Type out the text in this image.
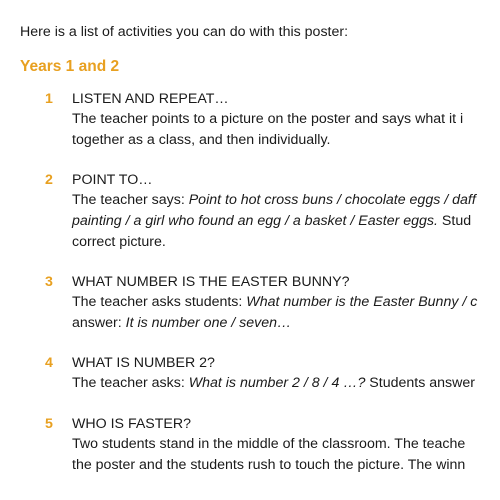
Here is a list of activities you can do with this poster:
Years 1 and 2
1 LISTEN AND REPEAT…
The teacher points to a picture on the poster and says what it i
together as a class, and then individually.
2 POINT TO…
The teacher says: Point to hot cross buns / chocolate eggs / daff
painting / a girl who found an egg / a basket / Easter eggs. Stud
correct picture.
3 WHAT NUMBER IS THE EASTER BUNNY?
The teacher asks students: What number is the Easter Bunny / c
answer: It is number one / seven…
4 WHAT IS NUMBER 2?
The teacher asks: What is number 2 / 8 / 4 …? Students answer
5 WHO IS FASTER?
Two students stand in the middle of the classroom. The teache
the poster and the students rush to touch the picture. The winn
